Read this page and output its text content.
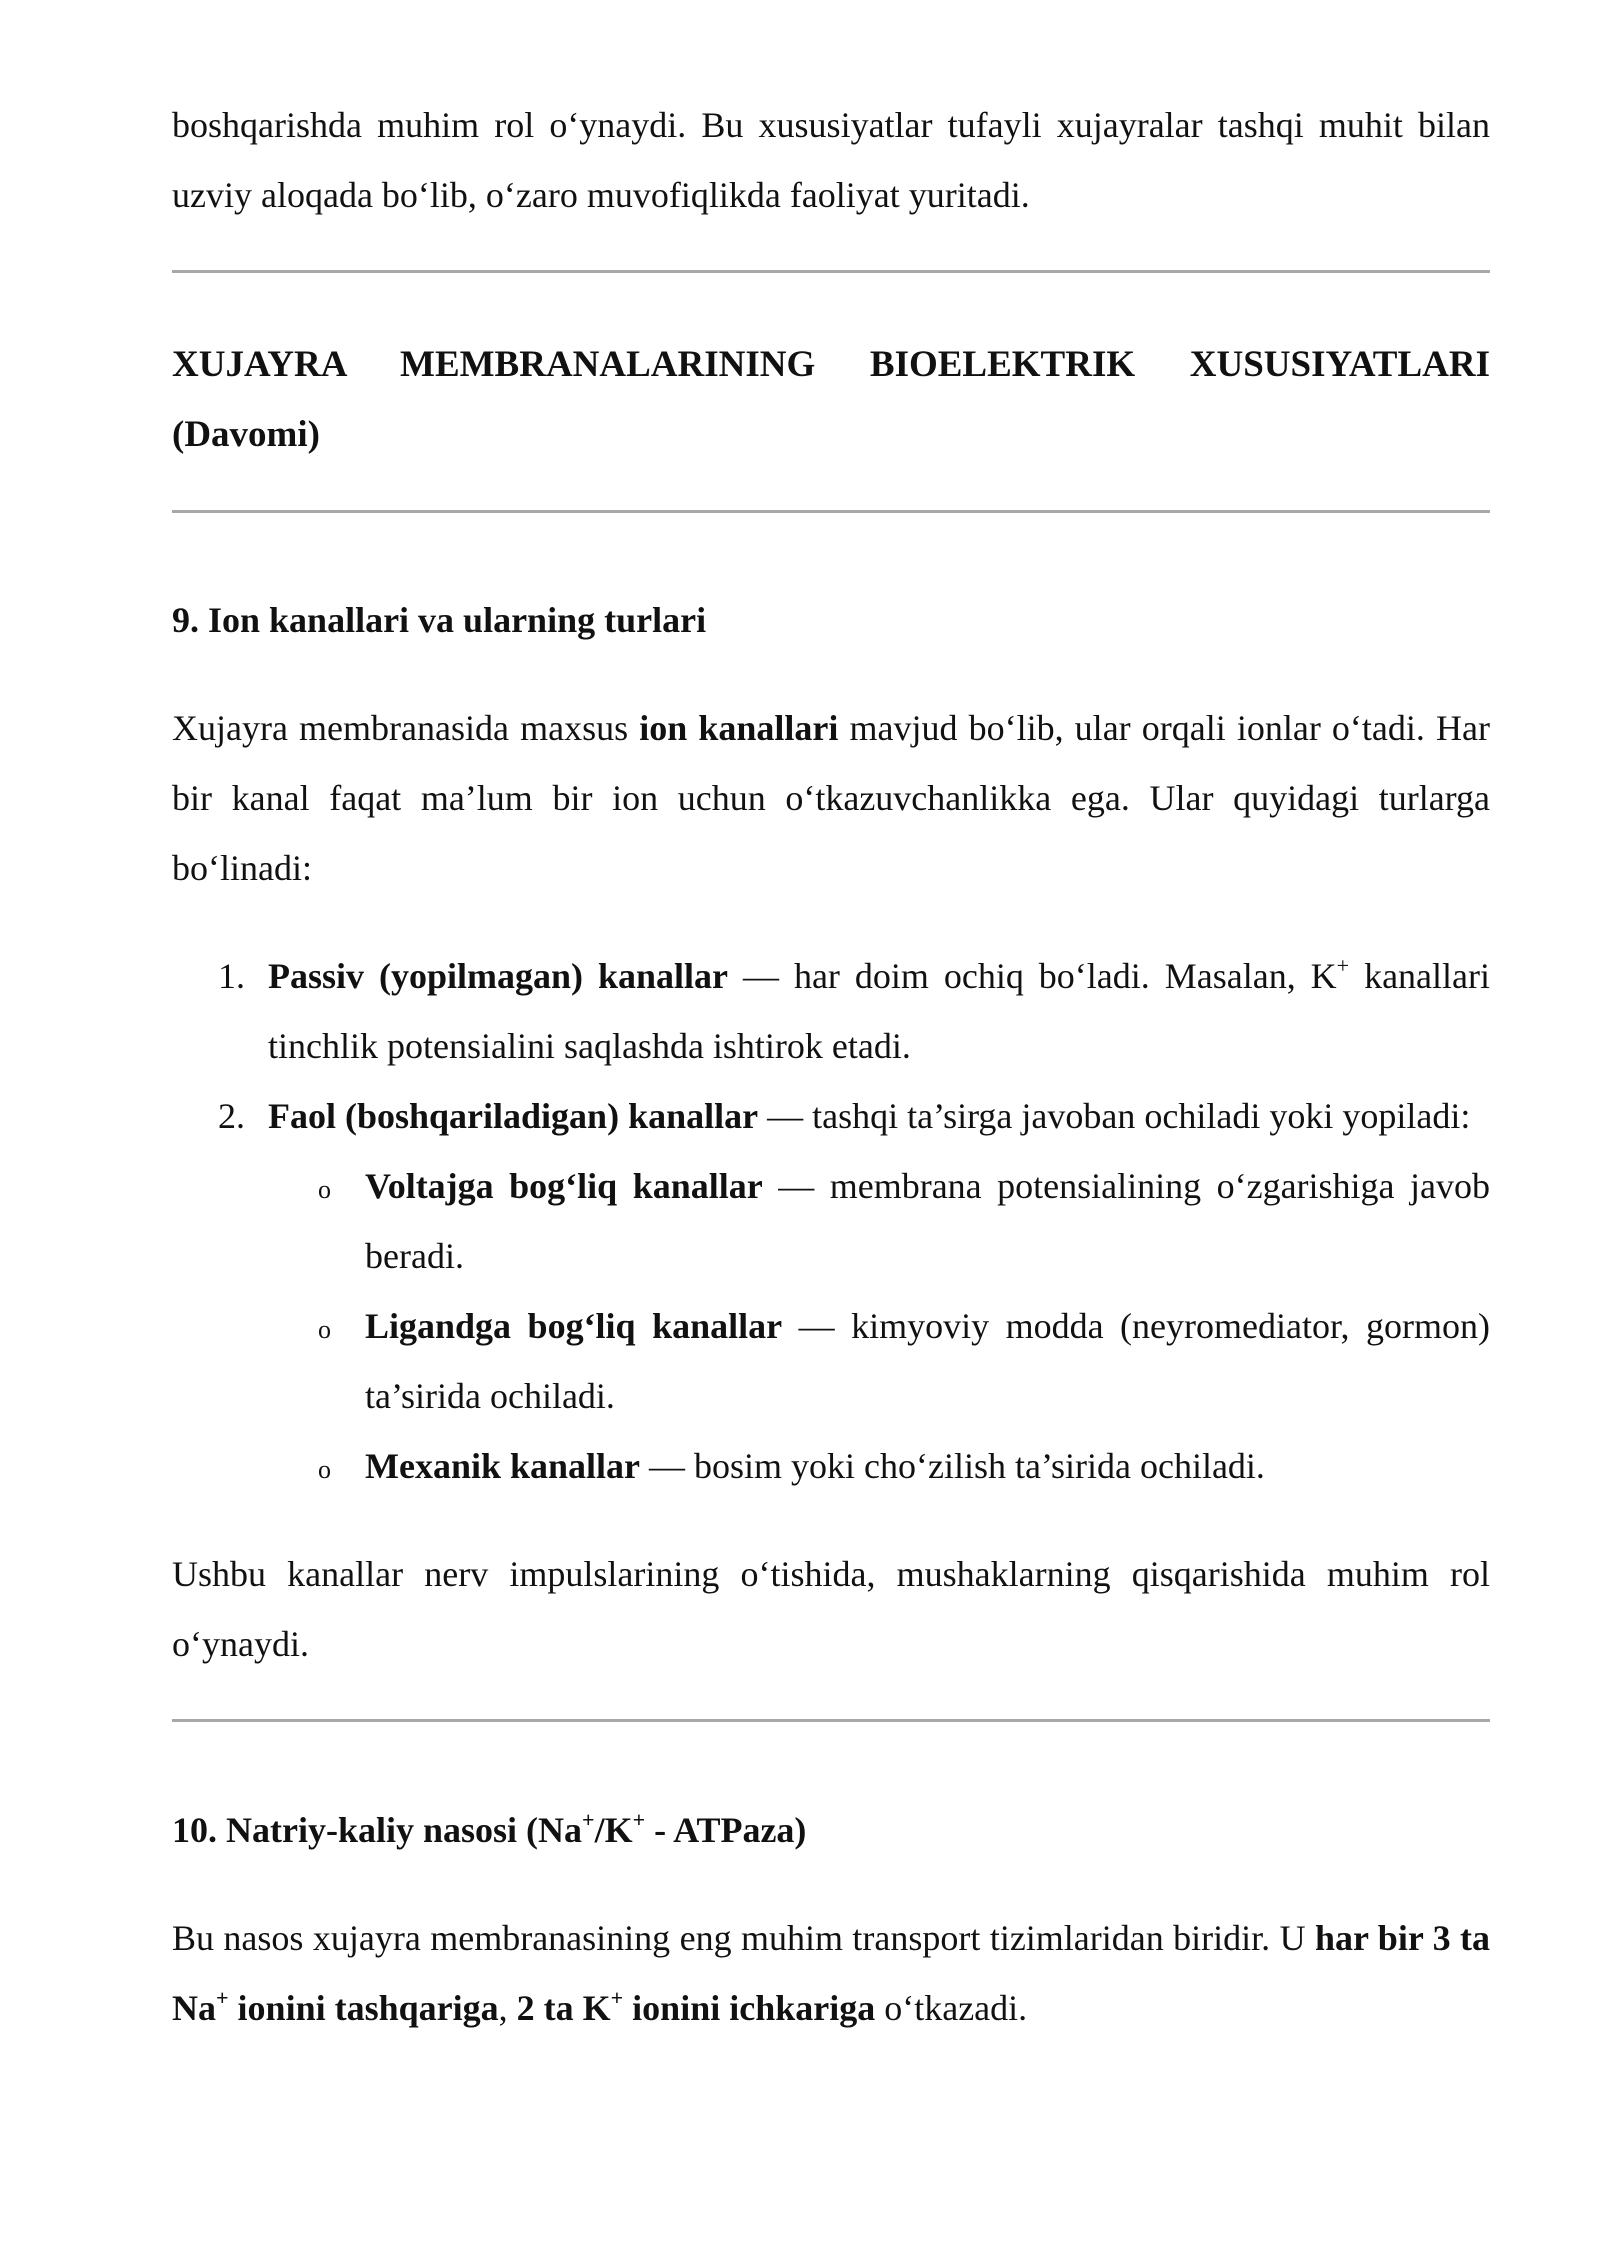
boshqarishda muhim rol o‘ynaydi. Bu xususiyatlar tufayli xujayralar tashqi muhit bilan uzviy aloqada bo‘lib, o‘zaro muvofiqlikda faoliyat yuritadi.

XUJAYRA MEMBRANALARINING BIOELEKTRIK XUSUSIYATLARI (Davomi)
9. Ion kanallari va ularning turlari

Xujayra membranasida maxsus ion kanallari mavjud bo‘lib, ular orqali ionlar o‘tadi. Har bir kanal faqat ma’lum bir ion uchun o‘tkazuvchanlikka ega. Ular quyidagi turlarga bo‘linadi:

1. Passiv (yopilmagan) kanallar — har doim ochiq bo‘ladi. Masalan, K+ kanallari tinchlik potensialini saqlashda ishtirok etadi.
2. Faol (boshqariladigan) kanallar — tashqi ta’sirga javoban ochiladi yoki yopiladi:
o Voltajga bog‘liq kanallar — membrana potensialining o‘zgarishiga javob beradi.
o Ligandga bog‘liq kanallar — kimyoviy modda (neyromediator, gormon) ta’sirida ochiladi.
o Mexanik kanallar — bosim yoki cho‘zilish ta’sirida ochiladi.

Ushbu kanallar nerv impulslarining o‘tishida, mushaklarning qisqarishida muhim rol o‘ynaydi.

10. Natriy-kaliy nasosi (Na+/K+ - ATPaza)

Bu nasos xujayra membranasining eng muhim transport tizimlaridan biridir. U har bir 3 ta Na+ ionini tashqariga, 2 ta K+ ionini ichkariga o‘tkazadi.
